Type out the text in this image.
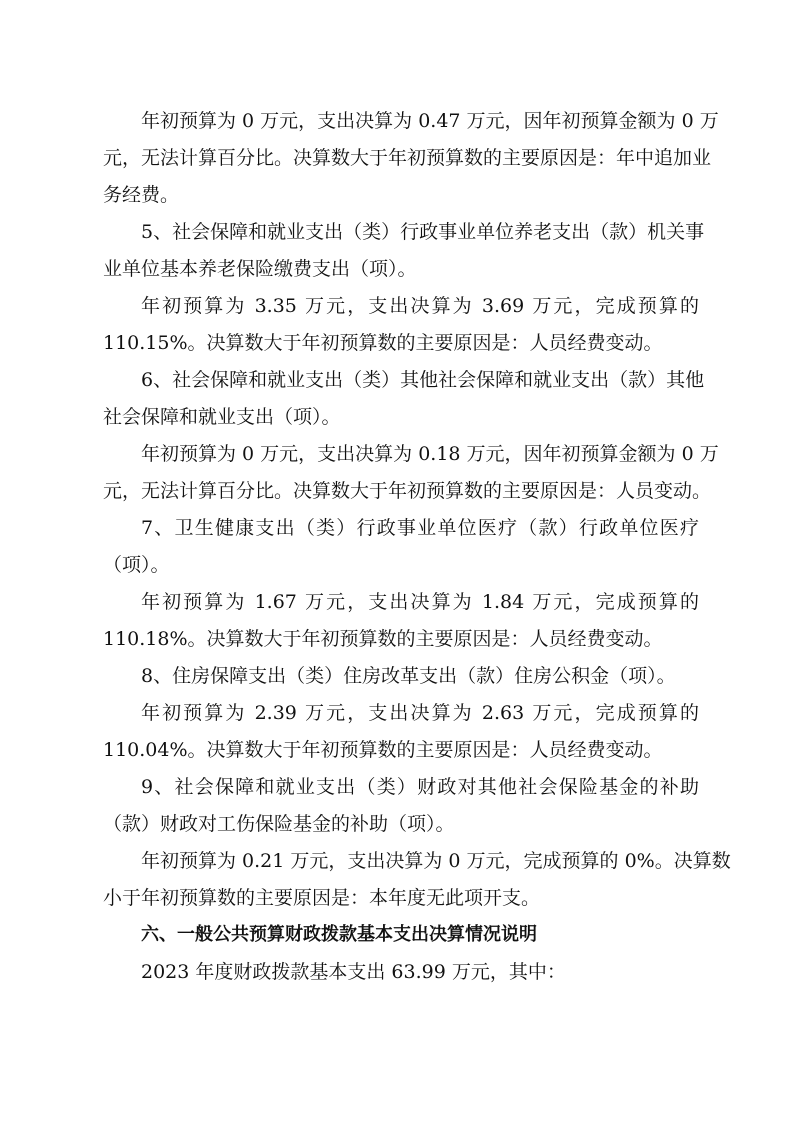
年初预算为 0 万元，支出决算为 0.47 万元，因年初预算金额为 0 万
元，无法计算百分比。决算数大于年初预算数的主要原因是：年中追加业
务经费。
5、社会保障和就业支出（类）行政事业单位养老支出（款）机关事
业单位基本养老保险缴费支出（项）。
年初预算为 3.35 万元，支出决算为 3.69 万元，完成预算的
110.15%。决算数大于年初预算数的主要原因是：人员经费变动。
6、社会保障和就业支出（类）其他社会保障和就业支出（款）其他
社会保障和就业支出（项）。
年初预算为 0 万元，支出决算为 0.18 万元，因年初预算金额为 0 万
元，无法计算百分比。决算数大于年初预算数的主要原因是：人员变动。
7、卫生健康支出（类）行政事业单位医疗（款）行政单位医疗
（项）。
年初预算为 1.67 万元，支出决算为 1.84 万元，完成预算的
110.18%。决算数大于年初预算数的主要原因是：人员经费变动。
8、住房保障支出（类）住房改革支出（款）住房公积金（项）。
年初预算为 2.39 万元，支出决算为 2.63 万元，完成预算的
110.04%。决算数大于年初预算数的主要原因是：人员经费变动。
9、社会保障和就业支出（类）财政对其他社会保险基金的补助
（款）财政对工伤保险基金的补助（项）。
年初预算为 0.21 万元，支出决算为 0 万元，完成预算的 0%。决算数
小于年初预算数的主要原因是：本年度无此项开支。
六、一般公共预算财政拨款基本支出决算情况说明
2023 年度财政拨款基本支出 63.99 万元，其中：
